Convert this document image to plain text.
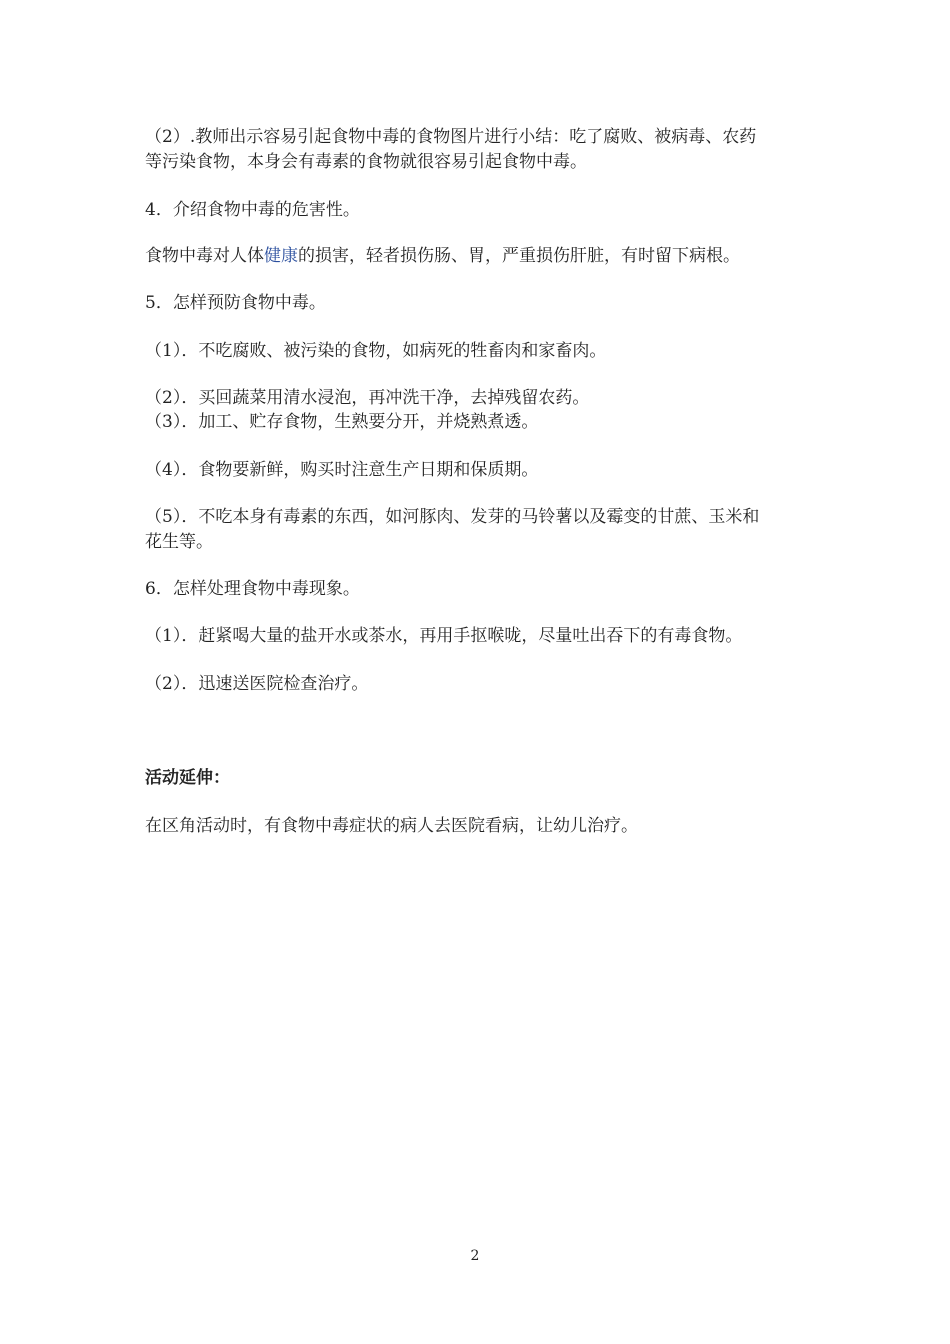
（2）.教师出示容易引起食物中毒的食物图片进行小结：吃了腐败、被病毒、农药
等污染食物，本身会有毒素的食物就很容易引起食物中毒。
4．介绍食物中毒的危害性。
食物中毒对人体健康的损害，轻者损伤肠、胃，严重损伤肝脏，有时留下病根。
5．怎样预防食物中毒。
（1）．不吃腐败、被污染的食物，如病死的牲畜肉和家畜肉。
（2）．买回蔬菜用清水浸泡，再冲洗干净，去掉残留农药。
（3）．加工、贮存食物，生熟要分开，并烧熟煮透。
（4）．食物要新鲜，购买时注意生产日期和保质期。
（5）．不吃本身有毒素的东西，如河豚肉、发芽的马铃薯以及霉变的甘蔗、玉米和
花生等。
6．怎样处理食物中毒现象。
（1）．赶紧喝大量的盐开水或茶水，再用手抠喉咙，尽量吐出吞下的有毒食物。
（2）．迅速送医院检查治疗。
活动延伸：
在区角活动时，有食物中毒症状的病人去医院看病，让幼儿治疗。
2
